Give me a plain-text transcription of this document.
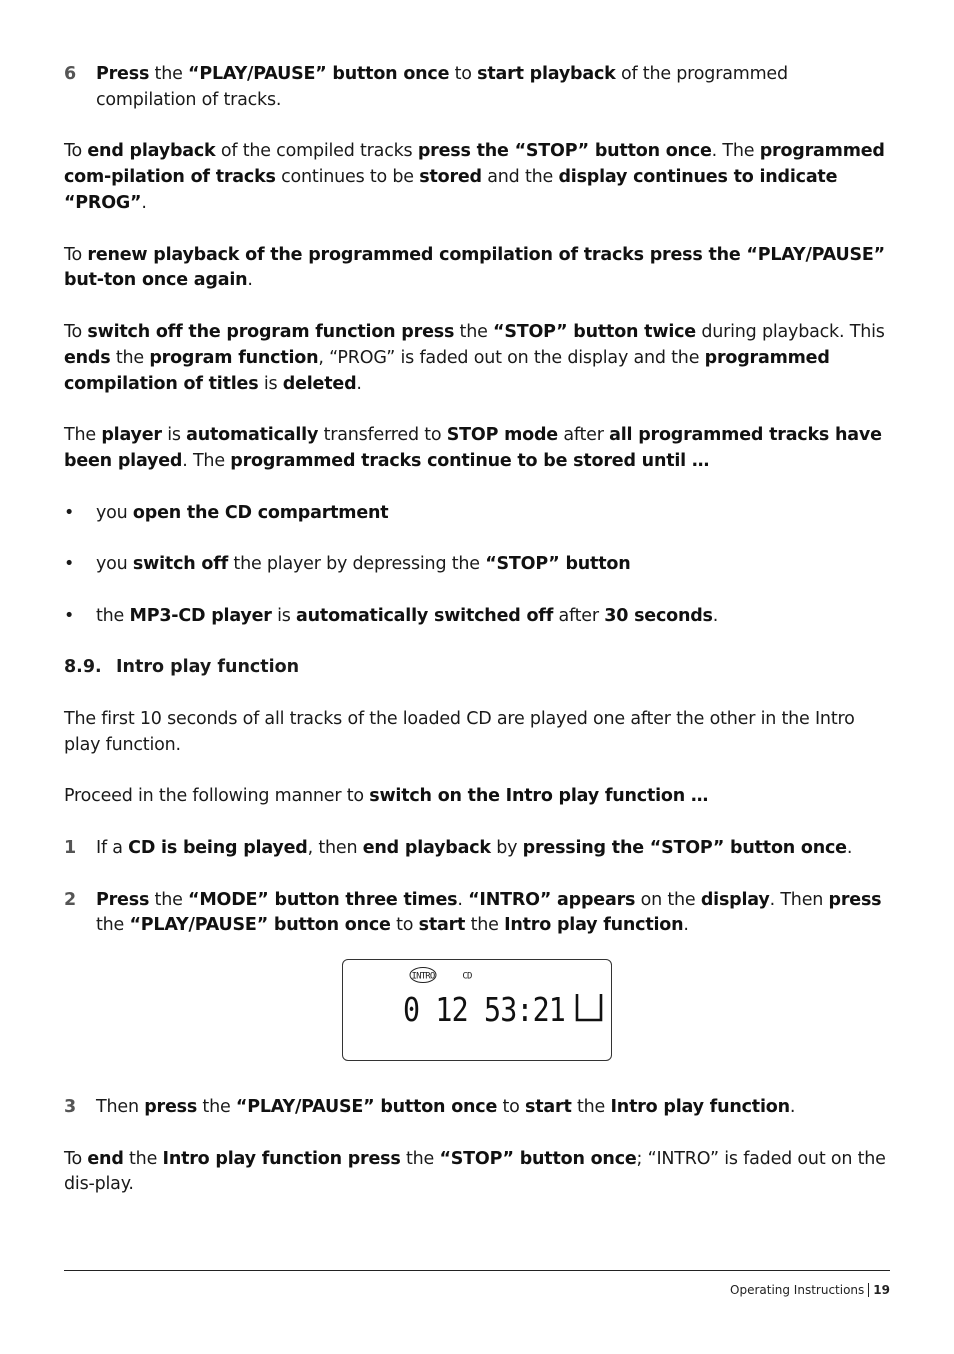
6	Press the “PLAY/PAUSE” button once to start playback of the programmed compilation of tracks.

To end playback of the compiled tracks press the “STOP” button once. The programmed com-pilation of tracks continues to be stored and the display continues to indicate “PROG”.

To renew playback of the programmed compilation of tracks press the “PLAY/PAUSE” but-ton once again.

To switch off the program function press the “STOP” button twice during playback. This ends the program function, “PROG” is faded out on the display and the programmed compilation of titles is deleted.

The player is automatically transferred to STOP mode after all programmed tracks have been played. The programmed tracks continue to be stored until …

•	you open the CD compartment
•	you switch off the player by depressing the “STOP” button
•	the MP3-CD player is automatically switched off after 30 seconds.
8.9. Intro play function

The first 10 seconds of all tracks of the loaded CD are played one after the other in the Intro play function.

Proceed in the following manner to switch on the Intro play function …

1	If a CD is being played, then end playback by pressing the “STOP” button once.
2	Press the “MODE” button three times. “INTRO” appears on the display. Then press the “PLAY/PAUSE” button once to start the Intro play function.
INTRO	CD
0 12 53:21
3	Then press the “PLAY/PAUSE” button once to start the Intro play function.

To end the Intro play function press the “STOP” button once; “INTRO” is faded out on the dis-play.

Operating Instructions 19
